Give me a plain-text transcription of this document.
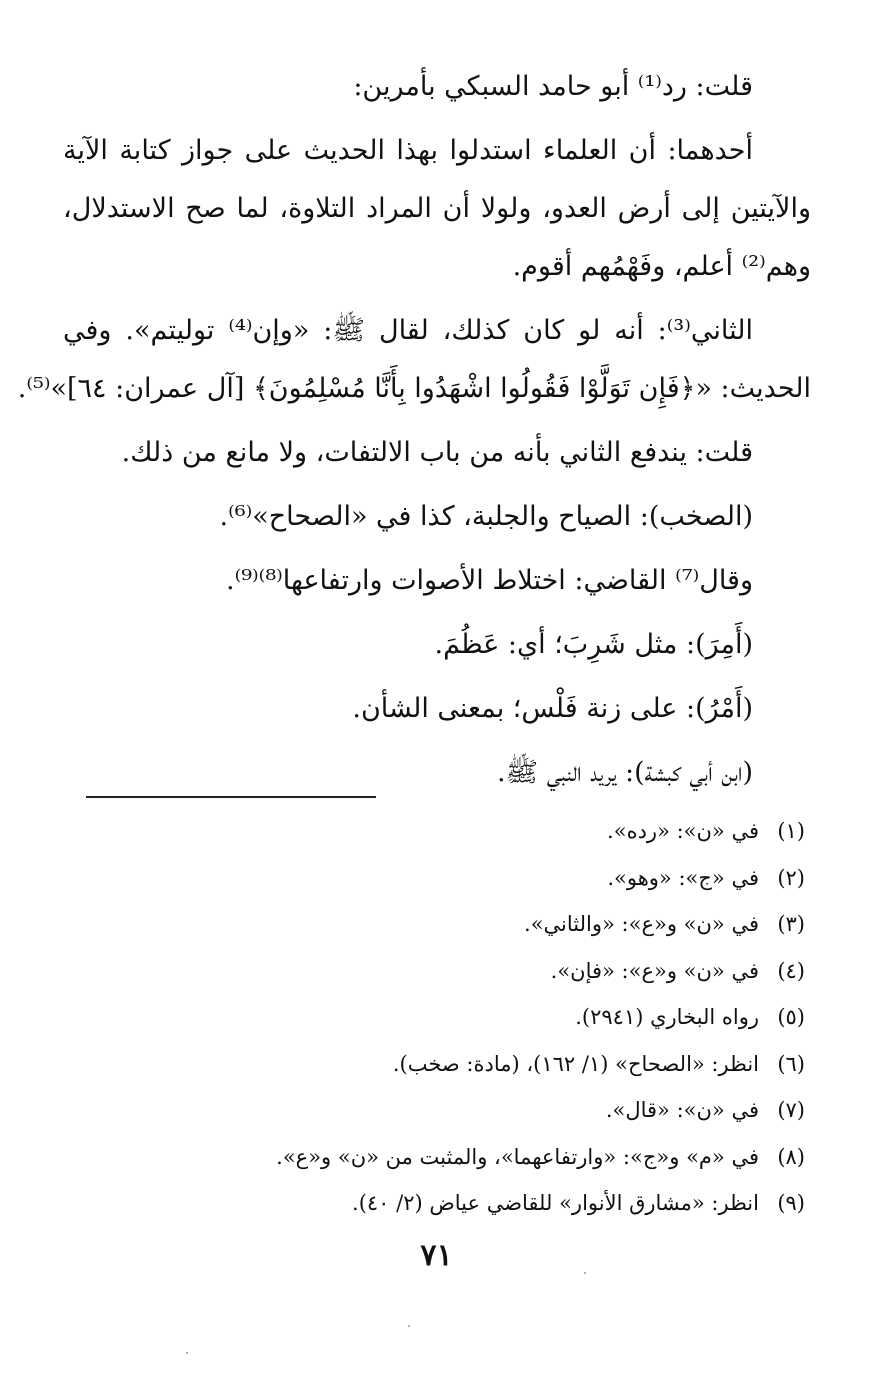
قلت: رد⁽¹⁾ أبو حامد السبكي بأمرين:

أحدهما: أن العلماء استدلوا بهذا الحديث على جواز كتابة الآية
والآيتين إلى أرض العدو، ولولا أن المراد التلاوة، لما صح الاستدلال،
وهم⁽²⁾ أعلم، وفَهْمُهم أقوم.

الثاني⁽³⁾: أنه لو كان كذلك، لقال ﷺ: «وإن⁽⁴⁾ توليتم». وفي
الحديث: «﴿فَإِن تَوَلَّوْا فَقُولُوا اشْهَدُوا بِأَنَّا مُسْلِمُونَ﴾ [آل عمران: ٦٤]»⁽⁵⁾.

قلت: يندفع الثاني بأنه من باب الالتفات، ولا مانع من ذلك.

(الصخب): الصياح والجلبة، كذا في «الصحاح»⁽⁶⁾.

وقال⁽⁷⁾ القاضي: اختلاط الأصوات وارتفاعها⁽⁸⁾⁽⁹⁾.

(أَمِرَ): مثل شَرِبَ؛ أي: عَظُمَ.

(أَمْرُ): على زنة فَلْس؛ بمعنى الشأن.

(ابن أبي كبشة): يريد النبي ﷺ.

(١)في «ن»: «رده».
(٢)في «ج»: «وهو».
(٣)في «ن» و«ع»: «والثاني».
(٤)في «ن» و«ع»: «فإن».
(٥)رواه البخاري (٢٩٤١).
(٦)انظر: «الصحاح» (١/ ١٦٢)، (مادة: صخب).
(٧)في «ن»: «قال».
(٨)في «م» و«ج»: «وارتفاعهما»، والمثبت من «ن» و«ع».
(٩)انظر: «مشارق الأنوار» للقاضي عياض (٢/ ٤٠).
٧١
